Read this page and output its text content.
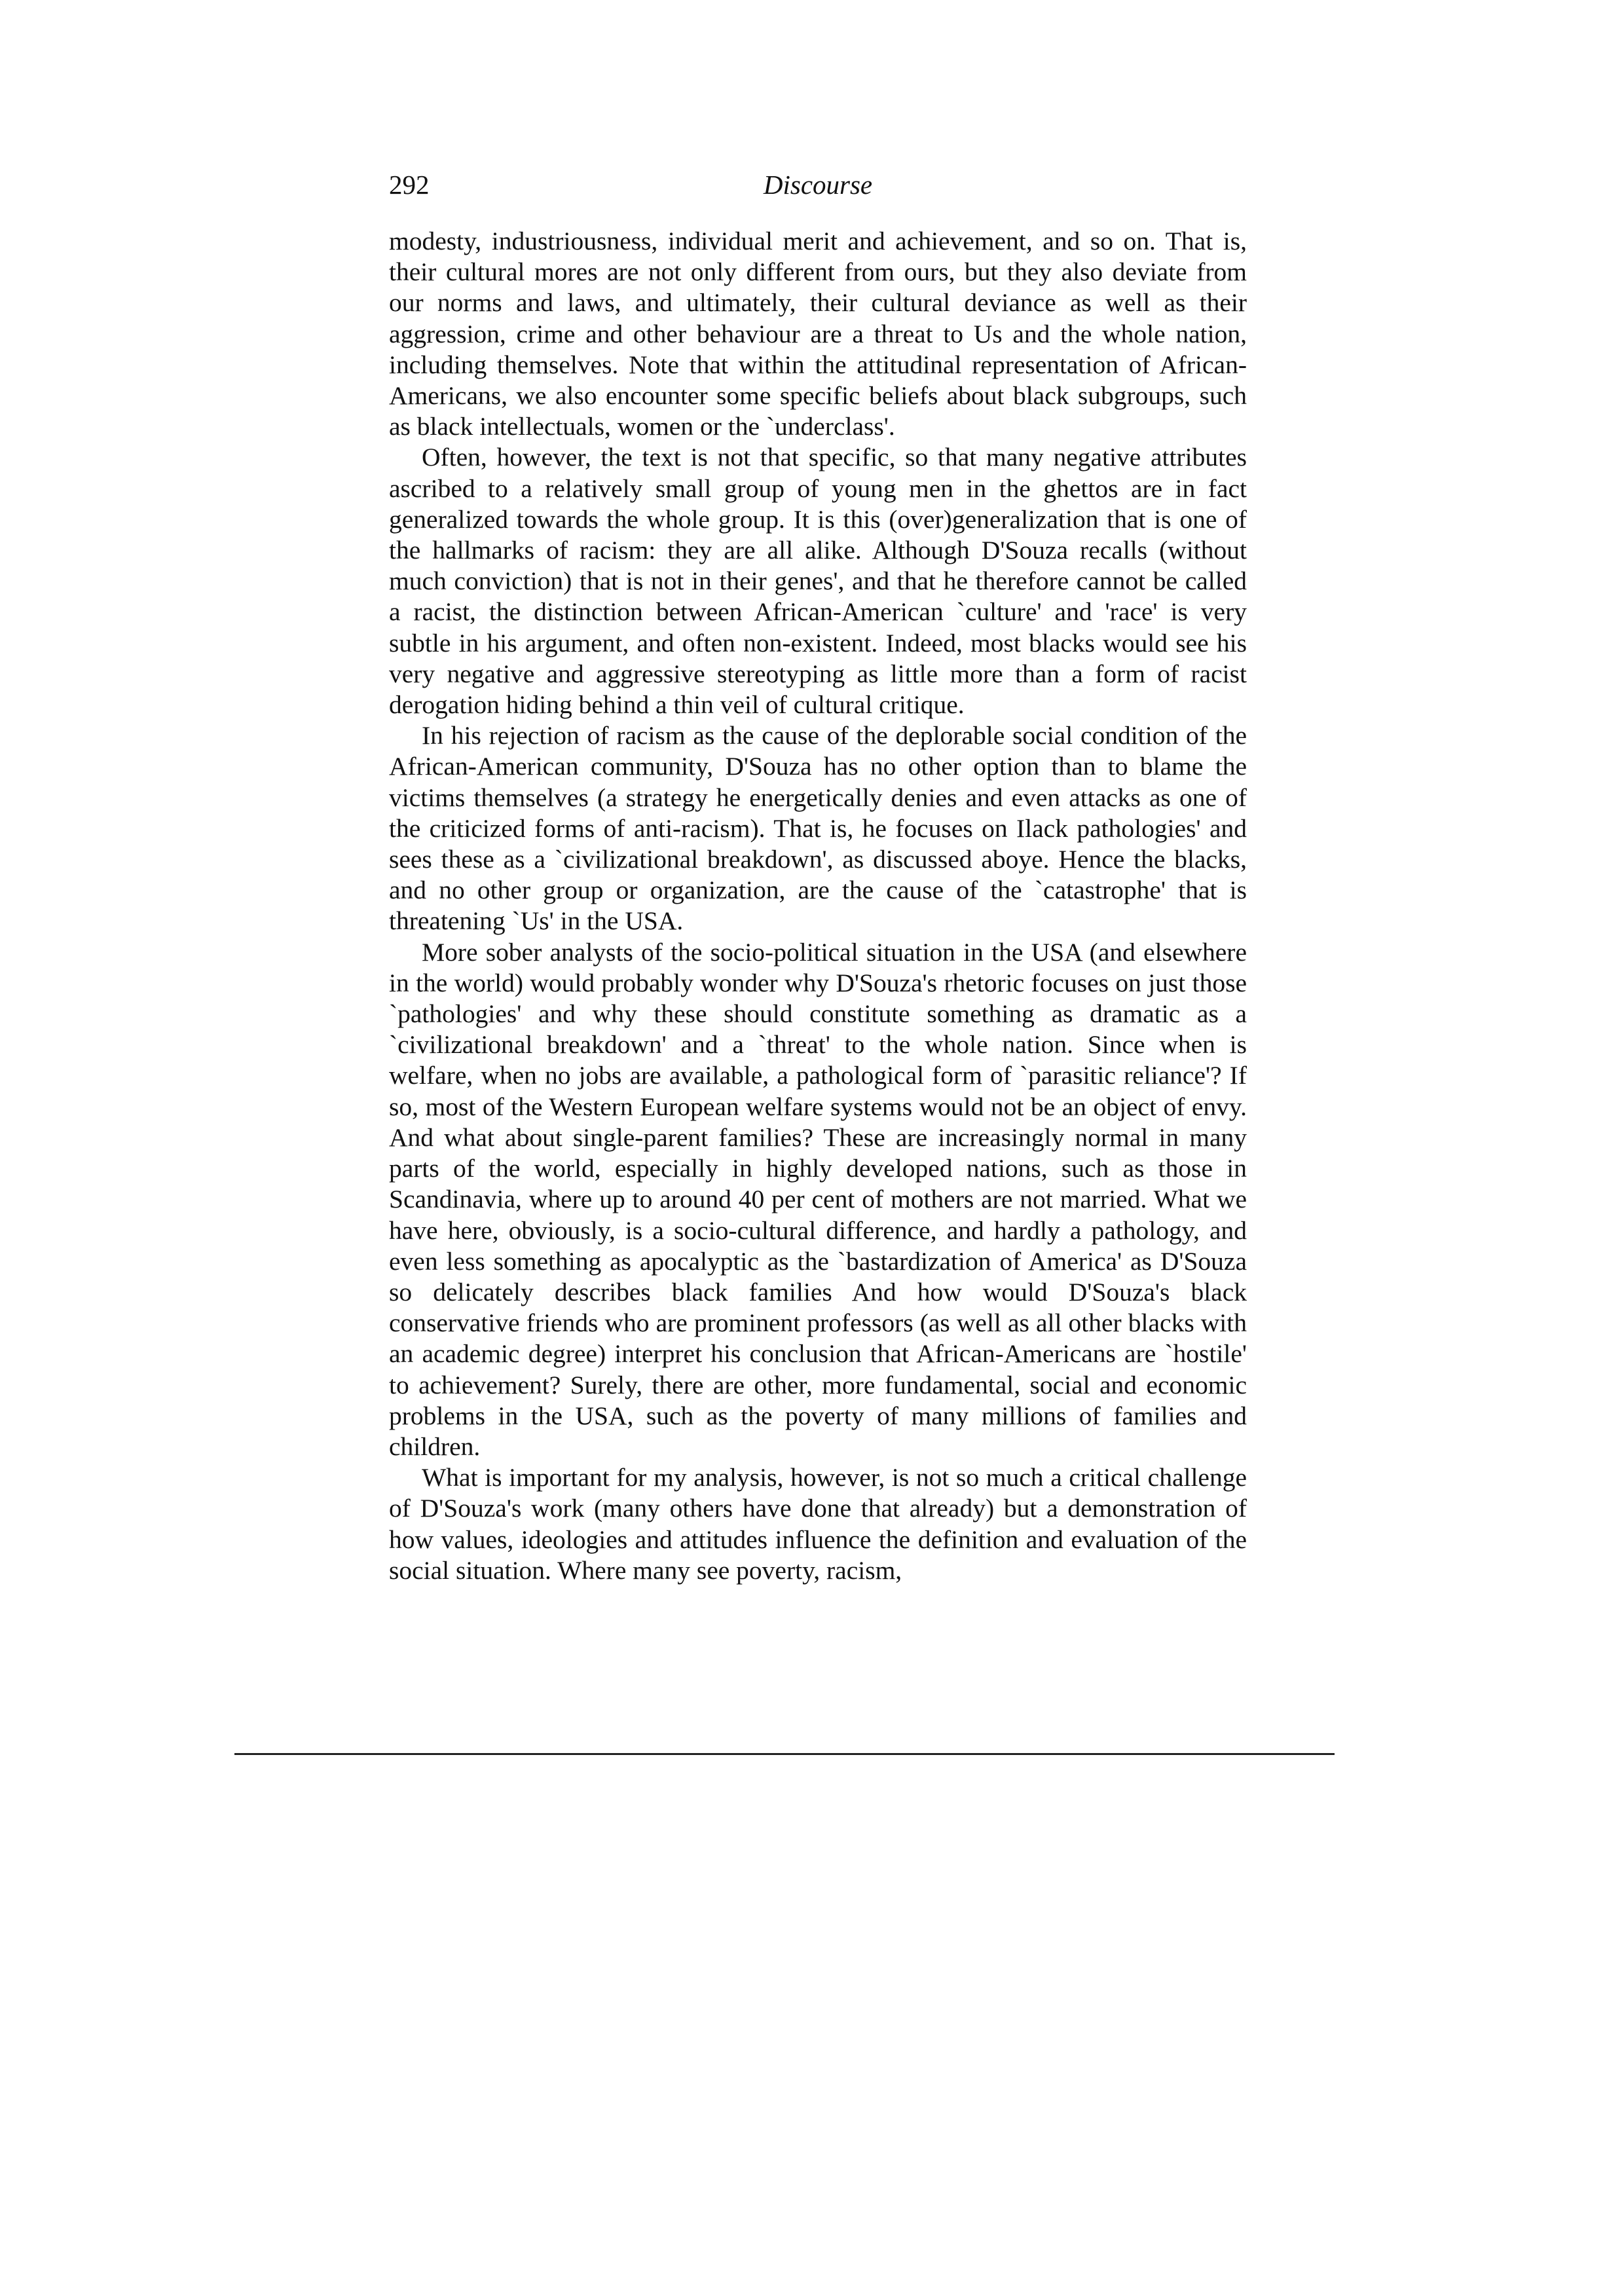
292	Discourse

modesty, industriousness, individual merit and achievement, and so on. That is, their cultural mores are not only different from ours, but they also deviate from our norms and laws, and ultimately, their cultural deviance as well as their aggression, crime and other behaviour are a threat to Us and the whole nation, including themselves. Note that within the attitudinal representation of African-Americans, we also encounter some specific beliefs about black subgroups, such as black intellectuals, women or the `underclass'.

Often, however, the text is not that specific, so that many negative attributes ascribed to a relatively small group of young men in the ghettos are in fact generalized towards the whole group. It is this (over)generalization that is one of the hallmarks of racism: they are all alike. Although D'Souza recalls (without much conviction) that is not in their genes', and that he therefore cannot be called a racist, the distinction between African-American `culture' and 'race' is very subtle in his argument, and often non-existent. Indeed, most blacks would see his very negative and aggressive stereotyping as little more than a form of racist derogation hiding behind a thin veil of cultural critique.

In his rejection of racism as the cause of the deplorable social condition of the African-American community, D'Souza has no other option than to blame the victims themselves (a strategy he energetically denies and even attacks as one of the criticized forms of anti-racism). That is, he focuses on Ilack pathologies' and sees these as a `civilizational breakdown', as discussed aboye. Hence the blacks, and no other group or organization, are the cause of the `catastrophe' that is threatening `Us' in the USA.

More sober analysts of the socio-political situation in the USA (and elsewhere in the world) would probably wonder why D'Souza's rhetoric focuses on just those `pathologies' and why these should constitute something as dramatic as a `civilizational breakdown' and a `threat' to the whole nation. Since when is welfare, when no jobs are available, a pathological form of `parasitic reliance'? If so, most of the Western European welfare systems would not be an object of envy. And what about single-parent families? These are increasingly normal in many parts of the world, especially in highly developed nations, such as those in Scandinavia, where up to around 40 per cent of mothers are not married. What we have here, obviously, is a socio-cultural difference, and hardly a pathology, and even less something as apocalyptic as the `bastardization of America' as D'Souza so delicately describes black families And how would D'Souza's black conservative friends who are prominent professors (as well as all other blacks with an academic degree) interpret his conclusion that African-Americans are `hostile' to achievement? Surely, there are other, more fundamental, social and economic problems in the USA, such as the poverty of many millions of families and children.

What is important for my analysis, however, is not so much a critical challenge of D'Souza's work (many others have done that already) but a demonstration of how values, ideologies and attitudes influence the definition and evaluation of the social situation. Where many see poverty, racism,
